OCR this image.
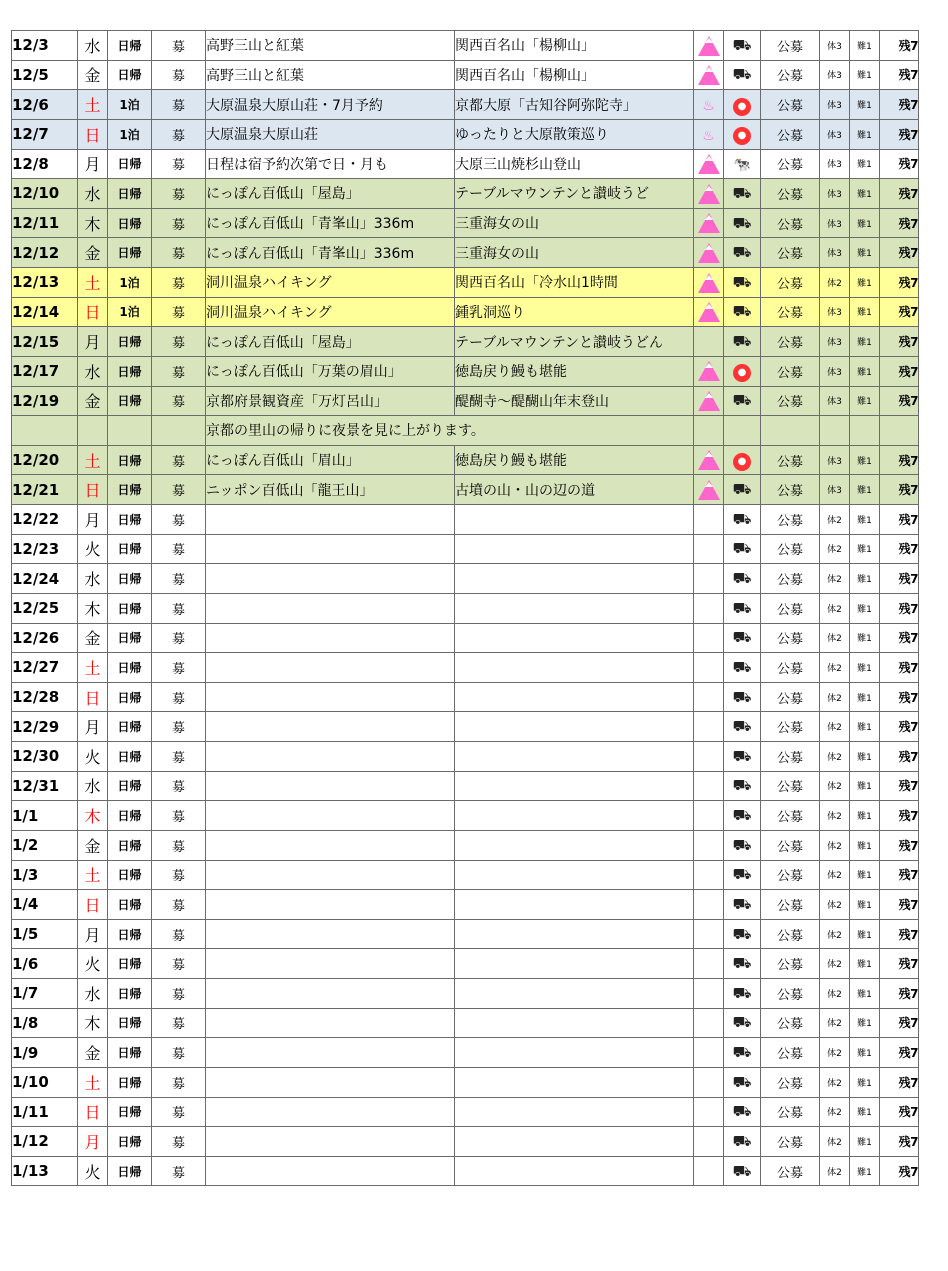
12/3	水	日帰	募	高野三山と紅葉	関西百名山「楊柳山」		⛟	公募	体3	難1	残7
12/5	金	日帰	募	高野三山と紅葉	関西百名山「楊柳山」		⛟	公募	体3	難1	残7
12/6	土	1泊	募	大原温泉大原山荘・7月予約	京都大原「古知谷阿弥陀寺」	♨	●	公募	体3	難1	残7
12/7	日	1泊	募	大原温泉大原山荘	ゆったりと大原散策巡り	♨	●	公募	体3	難1	残7
12/8	月	日帰	募	日程は宿予約次第で日・月も	大原三山焼杉山登山		🐄	公募	体3	難1	残7
12/10	水	日帰	募	にっぽん百低山「屋島」	テーブルマウンテンと讃岐うど		⛟	公募	体3	難1	残7
12/11	木	日帰	募	にっぽん百低山「青峯山」336m	三重海女の山		⛟	公募	体3	難1	残7
12/12	金	日帰	募	にっぽん百低山「青峯山」336m	三重海女の山		⛟	公募	体3	難1	残7
12/13	土	1泊	募	洞川温泉ハイキング	関西百名山「冷水山1時間		⛟	公募	体2	難1	残7
12/14	日	1泊	募	洞川温泉ハイキング	鍾乳洞巡り		⛟	公募	体3	難1	残7
12/15	月	日帰	募	にっぽん百低山「屋島」	テーブルマウンテンと讃岐うどん		⛟	公募	体3	難1	残7
12/17	水	日帰	募	にっぽん百低山「万葉の眉山」	徳島戻り鰻も堪能		●	公募	体3	難1	残7
12/19	金	日帰	募	京都府景観資産「万灯呂山」	醍醐寺～醍醐山年末登山		⛟	公募	体3	難1	残7
				京都の里山の帰りに夜景を見に上がります。							
12/20	土	日帰	募	にっぽん百低山「眉山」	徳島戻り鰻も堪能		●	公募	体3	難1	残7
12/21	日	日帰	募	ニッポン百低山「龍王山」	古墳の山・山の辺の道		⛟	公募	体3	難1	残7
12/22	月	日帰	募				⛟	公募	体2	難1	残7
12/23	火	日帰	募				⛟	公募	体2	難1	残7
12/24	水	日帰	募				⛟	公募	体2	難1	残7
12/25	木	日帰	募				⛟	公募	体2	難1	残7
12/26	金	日帰	募				⛟	公募	体2	難1	残7
12/27	土	日帰	募				⛟	公募	体2	難1	残7
12/28	日	日帰	募				⛟	公募	体2	難1	残7
12/29	月	日帰	募				⛟	公募	体2	難1	残7
12/30	火	日帰	募				⛟	公募	体2	難1	残7
12/31	水	日帰	募				⛟	公募	体2	難1	残7
1/1	木	日帰	募				⛟	公募	体2	難1	残7
1/2	金	日帰	募				⛟	公募	体2	難1	残7
1/3	土	日帰	募				⛟	公募	体2	難1	残7
1/4	日	日帰	募				⛟	公募	体2	難1	残7
1/5	月	日帰	募				⛟	公募	体2	難1	残7
1/6	火	日帰	募				⛟	公募	体2	難1	残7
1/7	水	日帰	募				⛟	公募	体2	難1	残7
1/8	木	日帰	募				⛟	公募	体2	難1	残7
1/9	金	日帰	募				⛟	公募	体2	難1	残7
1/10	土	日帰	募				⛟	公募	体2	難1	残7
1/11	日	日帰	募				⛟	公募	体2	難1	残7
1/12	月	日帰	募				⛟	公募	体2	難1	残7
1/13	火	日帰	募				⛟	公募	体2	難1	残7
